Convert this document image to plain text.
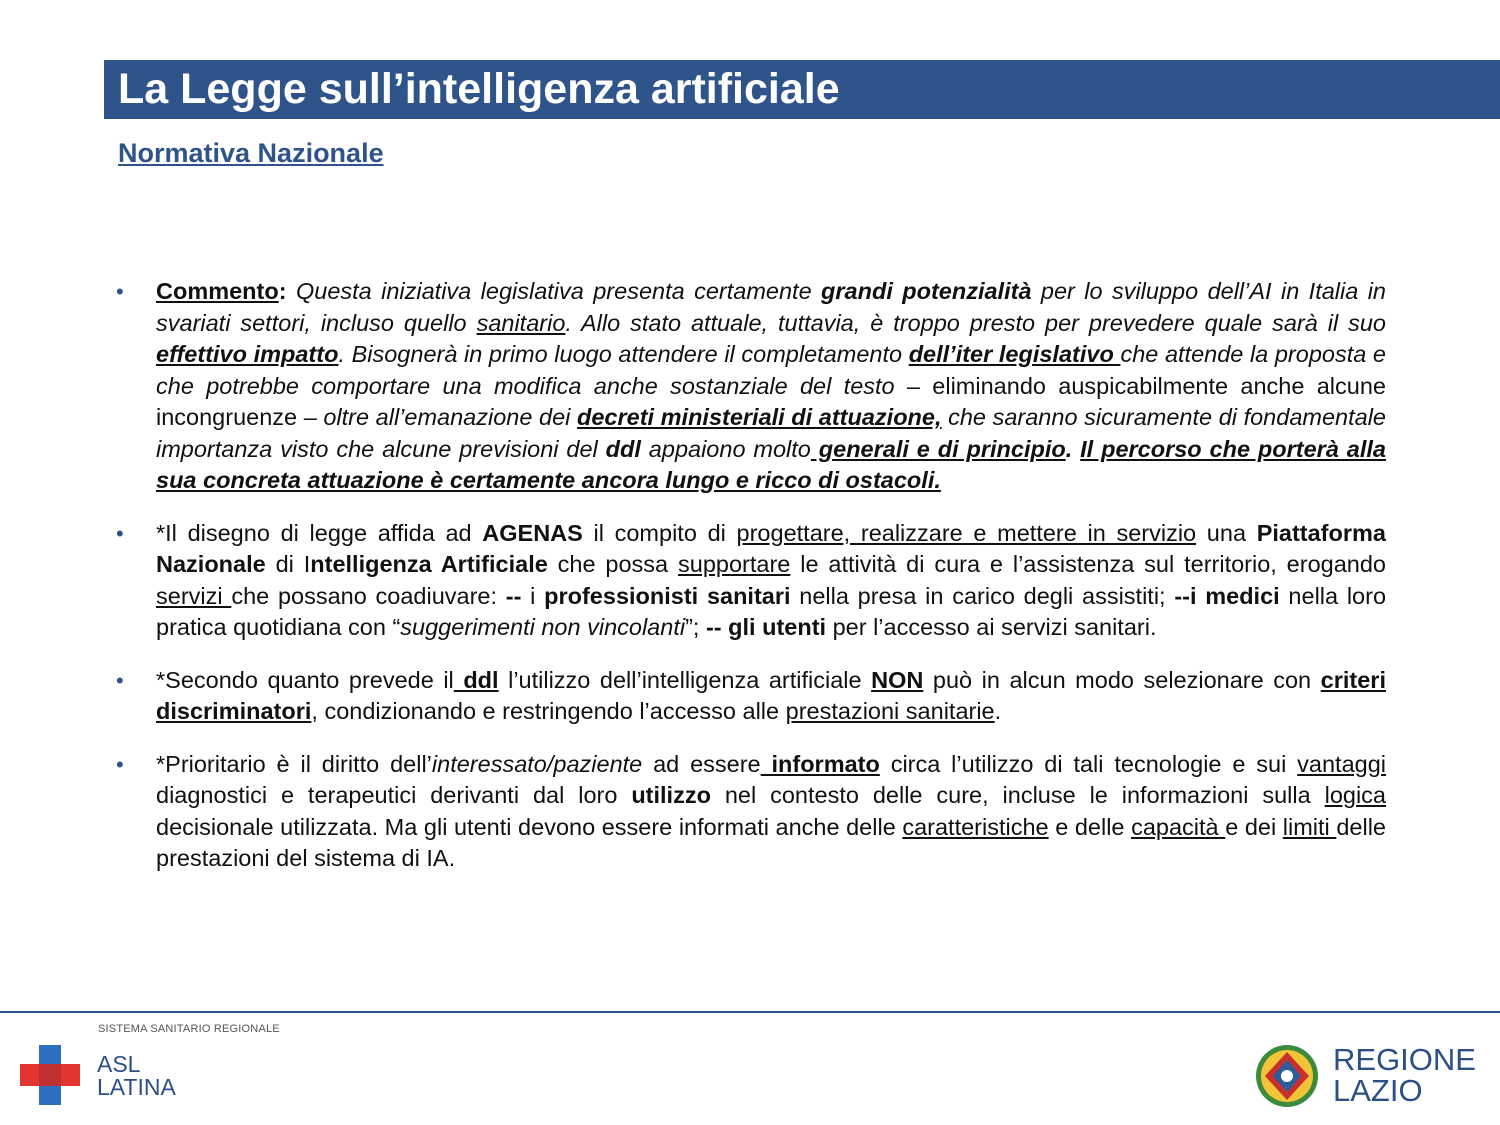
La Legge sull’intelligenza artificiale
Normativa Nazionale
• Commento: Questa iniziativa legislativa presenta certamente grandi potenzialità per lo sviluppo dell’AI in Italia in svariati settori, incluso quello sanitario. Allo stato attuale, tuttavia, è troppo presto per prevedere quale sarà il suo effettivo impatto. Bisognerà in primo luogo attendere il completamento dell’iter legislativo che attende la proposta e che potrebbe comportare una modifica anche sostanziale del testo – eliminando auspicabilmente anche alcune incongruenze – oltre all’emanazione dei decreti ministeriali di attuazione, che saranno sicuramente di fondamentale importanza visto che alcune previsioni del ddl appaiono molto generali e di principio. Il percorso che porterà alla sua concreta attuazione è certamente ancora lungo e ricco di ostacoli.
• *Il disegno di legge affida ad AGENAS il compito di progettare, realizzare e mettere in servizio una Piattaforma Nazionale di Intelligenza Artificiale che possa supportare le attività di cura e l’assistenza sul territorio, erogando servizi che possano coadiuvare: -- i professionisti sanitari nella presa in carico degli assistiti; --i medici nella loro pratica quotidiana con “suggerimenti non vincolanti”; -- gli utenti per l’accesso ai servizi sanitari.
• *Secondo quanto prevede il ddl l’utilizzo dell’intelligenza artificiale NON può in alcun modo selezionare con criteri discriminatori, condizionando e restringendo l’accesso alle prestazioni sanitarie.
• *Prioritario è il diritto dell’interessato/paziente ad essere informato circa l’utilizzo di tali tecnologie e sui vantaggi diagnostici e terapeutici derivanti dal loro utilizzo nel contesto delle cure, incluse le informazioni sulla logica decisionale utilizzata. Ma gli utenti devono essere informati anche delle caratteristiche e delle capacità e dei limiti delle prestazioni del sistema di IA.
SISTEMA SANITARIO REGIONALE
ASL
LATINA
REGIONE
LAZIO
